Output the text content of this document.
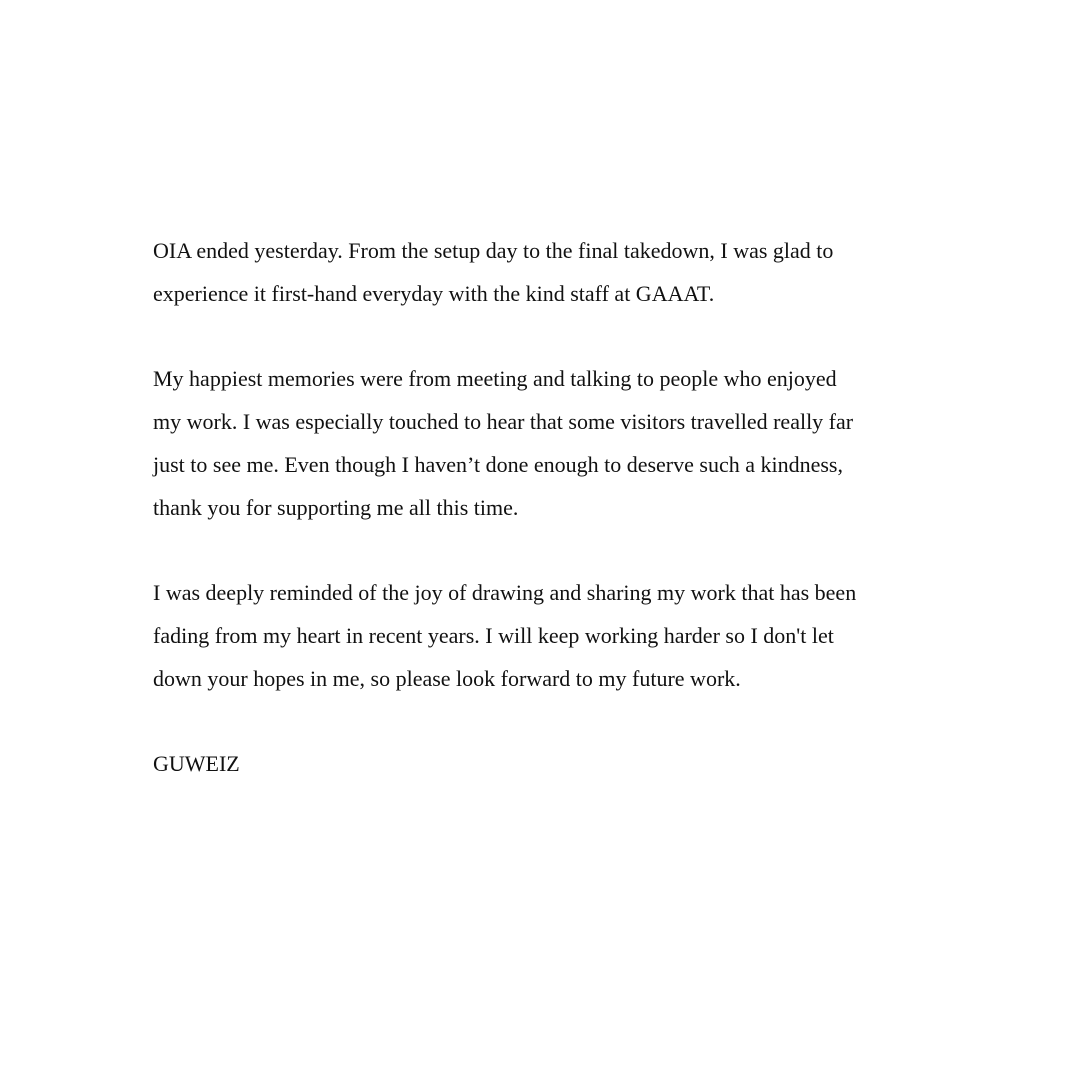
OIA ended yesterday. From the setup day to the final takedown, I was glad to
experience it first-hand everyday with the kind staff at GAAAT.
My happiest memories were from meeting and talking to people who enjoyed
my work. I was especially touched to hear that some visitors travelled really far
just to see me. Even though I haven’t done enough to deserve such a kindness,
thank you for supporting me all this time.
I was deeply reminded of the joy of drawing and sharing my work that has been
fading from my heart in recent years. I will keep working harder so I don't let
down your hopes in me, so please look forward to my future work.
GUWEIZ
